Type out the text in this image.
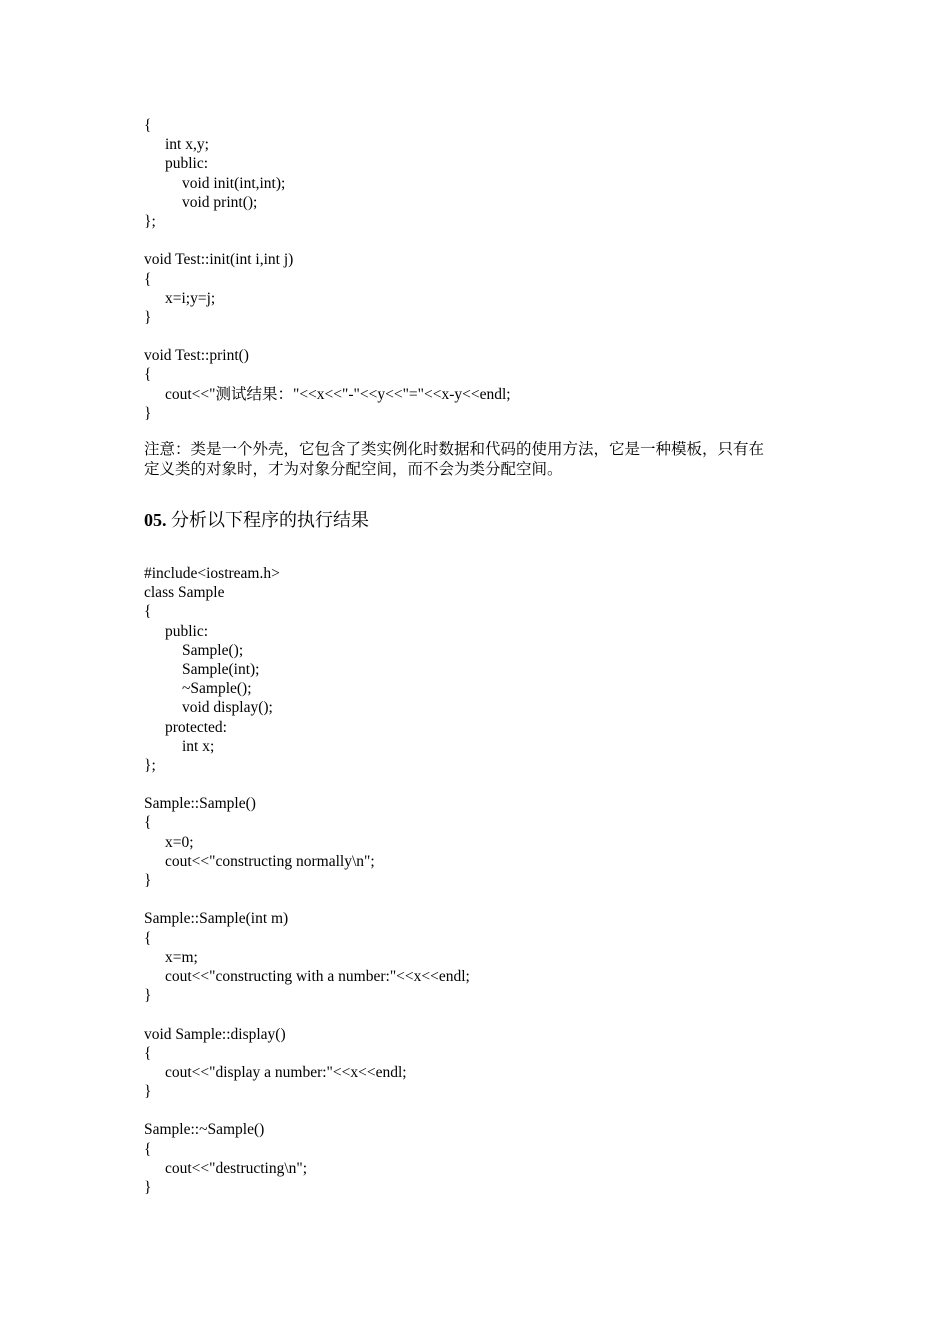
{
int x,y;
public:
void init(int,int);
void print();
};
void Test::init(int i,int j)
{
x=i;y=j;
}
void Test::print()
{
cout<<"测试结果："<<x<<"-"<<y<<"="<<x-y<<endl;
}
注意：类是一个外壳，它包含了类实例化时数据和代码的使用方法，它是一种模板，只有在
定义类的对象时，才为对象分配空间，而不会为类分配空间。
05. 分析以下程序的执行结果
#include<iostream.h>
class Sample
{
public:
Sample();
Sample(int);
~Sample();
void display();
protected:
int x;
};
Sample::Sample()
{
x=0;
cout<<"constructing normally\n";
}
Sample::Sample(int m)
{
x=m;
cout<<"constructing with a number:"<<x<<endl;
}
void Sample::display()
{
cout<<"display a number:"<<x<<endl;
}
Sample::~Sample()
{
cout<<"destructing\n";
}
